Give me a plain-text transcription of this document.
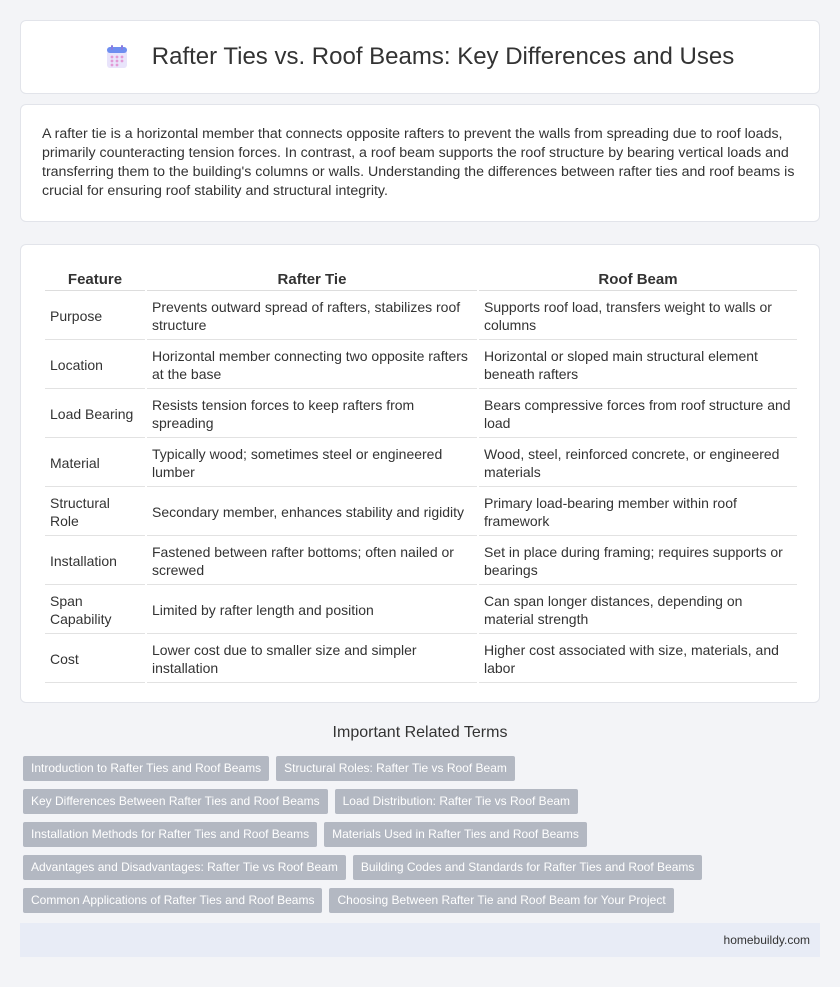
Rafter Ties vs. Roof Beams: Key Differences and Uses

A rafter tie is a horizontal member that connects opposite rafters to prevent the walls from spreading due to roof loads, primarily counteracting tension forces. In contrast, a roof beam supports the roof structure by bearing vertical loads and transferring them to the building's columns or walls. Understanding the differences between rafter ties and roof beams is crucial for ensuring roof stability and structural integrity.

Feature	Rafter Tie	Roof Beam
Purpose	Prevents outward spread of rafters, stabilizes roof structure	Supports roof load, transfers weight to walls or columns
Location	Horizontal member connecting two opposite rafters at the base	Horizontal or sloped main structural element beneath rafters
Load Bearing	Resists tension forces to keep rafters from spreading	Bears compressive forces from roof structure and load
Material	Typically wood; sometimes steel or engineered lumber	Wood, steel, reinforced concrete, or engineered materials
Structural Role	Secondary member, enhances stability and rigidity	Primary load-bearing member within roof framework
Installation	Fastened between rafter bottoms; often nailed or screwed	Set in place during framing; requires supports or bearings
Span Capability	Limited by rafter length and position	Can span longer distances, depending on material strength
Cost	Lower cost due to smaller size and simpler installation	Higher cost associated with size, materials, and labor
Important Related Terms
Introduction to Rafter Ties and Roof Beams	Structural Roles: Rafter Tie vs Roof Beam
Key Differences Between Rafter Ties and Roof Beams	Load Distribution: Rafter Tie vs Roof Beam
Installation Methods for Rafter Ties and Roof Beams	Materials Used in Rafter Ties and Roof Beams
Advantages and Disadvantages: Rafter Tie vs Roof Beam	Building Codes and Standards for Rafter Ties and Roof Beams
Common Applications of Rafter Ties and Roof Beams	Choosing Between Rafter Tie and Roof Beam for Your Project
homebuildy.com
